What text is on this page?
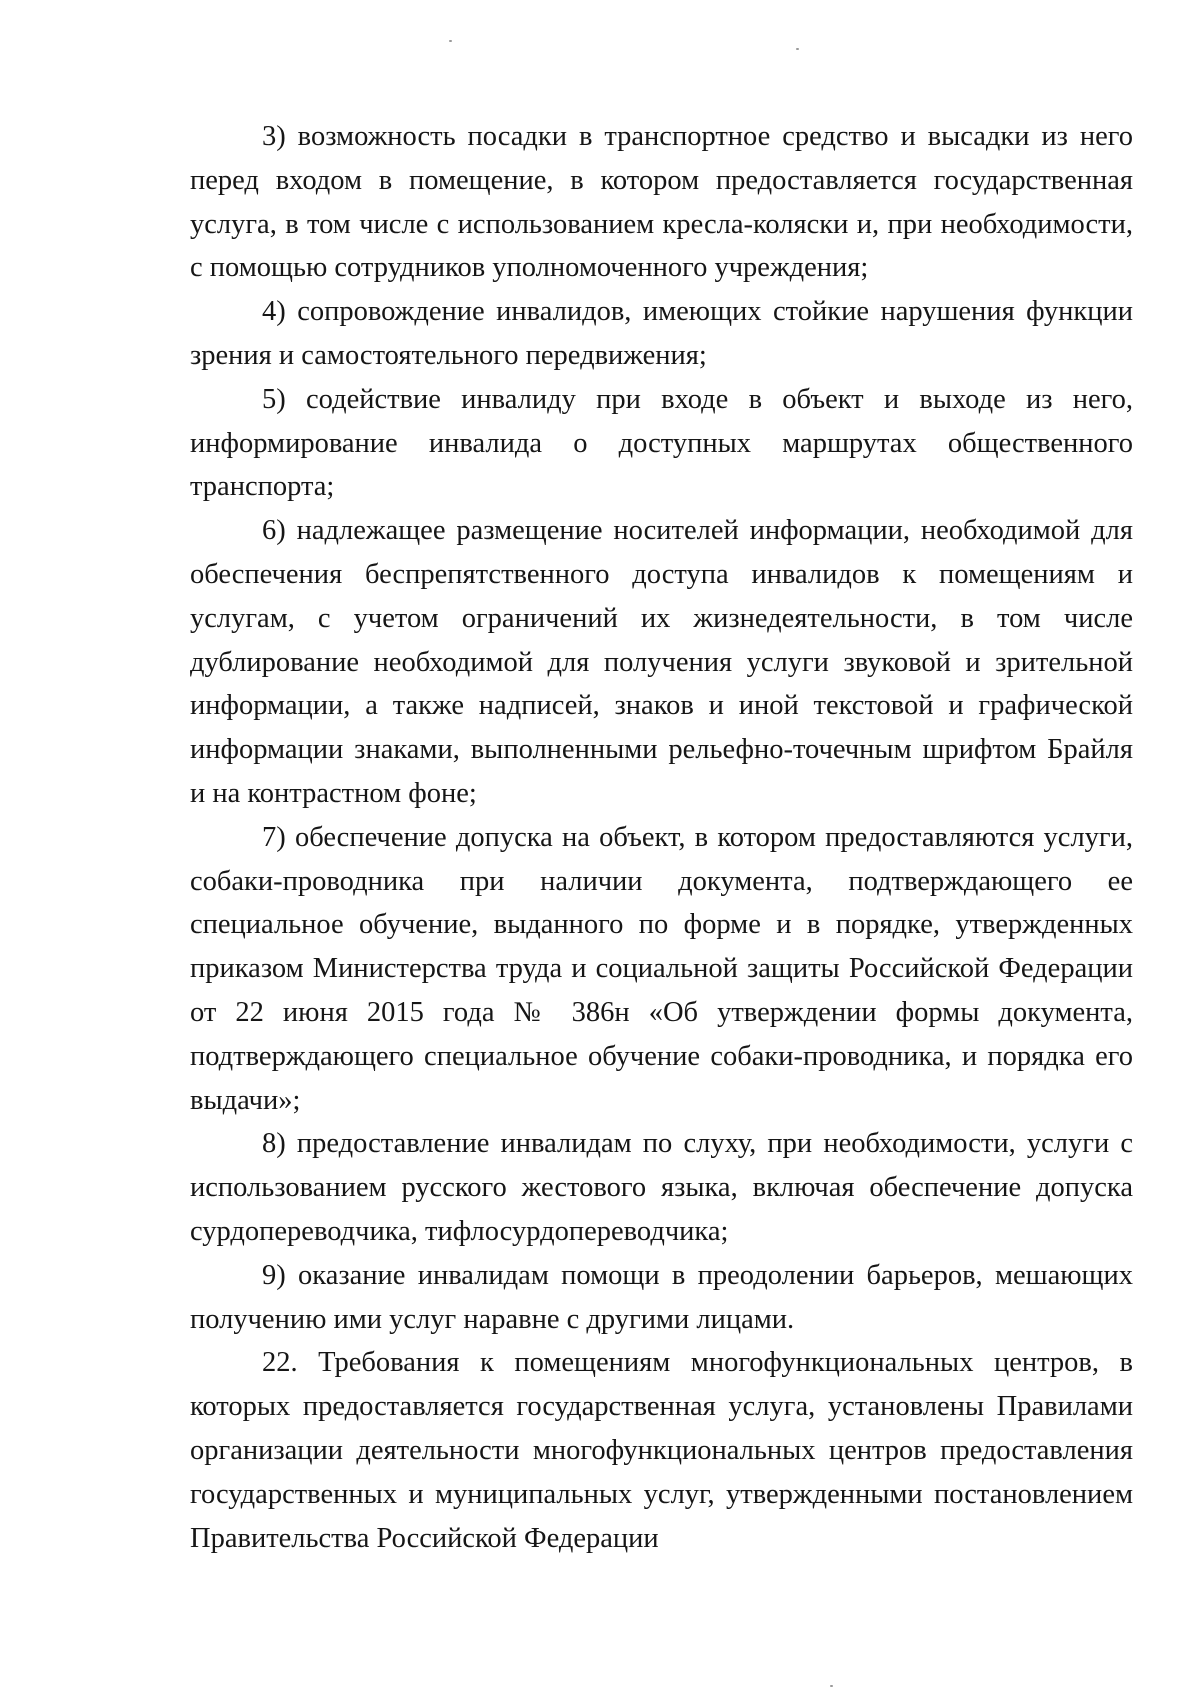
3) возможность посадки в транспортное средство и высадки из него перед входом в помещение, в котором предоставляется государственная услуга, в том числе с использованием кресла-коляски и, при необходимости, с помощью сотрудников уполномоченного учреждения;

4) сопровождение инвалидов, имеющих стойкие нарушения функции зрения и самостоятельного передвижения;

5) содействие инвалиду при входе в объект и выходе из него, информирование инвалида о доступных маршрутах общественного транспорта;

6) надлежащее размещение носителей информации, необходимой для обеспечения беспрепятственного доступа инвалидов к помещениям и услугам, с учетом ограничений их жизнедеятельности, в том числе дублирование необходимой для получения услуги звуковой и зрительной информации, а также надписей, знаков и иной текстовой и графической информации знаками, выполненными рельефно-точечным шрифтом Брайля и на контрастном фоне;

7) обеспечение допуска на объект, в котором предоставляются услуги, собаки-проводника при наличии документа, подтверждающего ее специальное обучение, выданного по форме и в порядке, утвержденных приказом Министерства труда и социальной защиты Российской Федерации от 22 июня 2015 года № 386н «Об утверждении формы документа, подтверждающего специальное обучение собаки-проводника, и порядка его выдачи»;

8) предоставление инвалидам по слуху, при необходимости, услуги с использованием русского жестового языка, включая обеспечение допуска сурдопереводчика, тифлосурдопереводчика;

9) оказание инвалидам помощи в преодолении барьеров, мешающих получению ими услуг наравне с другими лицами.

22. Требования к помещениям многофункциональных центров, в которых предоставляется государственная услуга, установлены Правилами организации деятельности многофункциональных центров предоставления государственных и муниципальных услуг, утвержденными постановлением Правительства Российской Федерации
